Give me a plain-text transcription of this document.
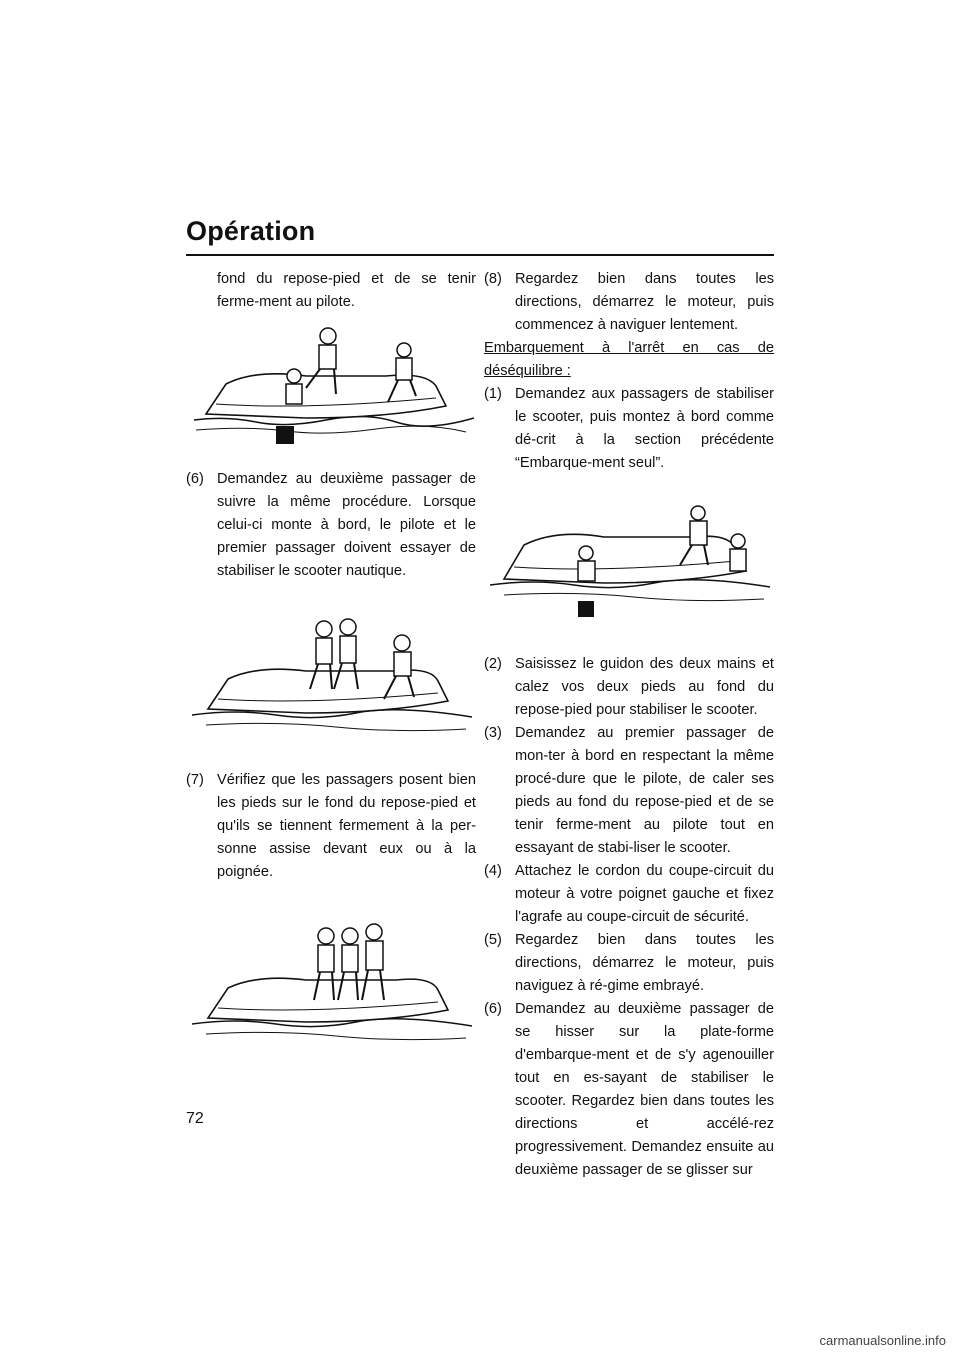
Opération

fond du repose-pied et de se tenir ferme-ment au pilote.

(6) Demandez au deuxième passager de suivre la même procédure. Lorsque celui-ci monte à bord, le pilote et le premier passager doivent essayer de stabiliser le scooter nautique.
(7) Vérifiez que les passagers posent bien les pieds sur le fond du repose-pied et qu'ils se tiennent fermement à la per-sonne assise devant eux ou à la poignée.
(8) Regardez bien dans toutes les directions, démarrez le moteur, puis commencez à naviguer lentement.

Embarquement à l'arrêt en cas de

déséquilibre :

(1) Demandez aux passagers de stabiliser le scooter, puis montez à bord comme dé-crit à la section précédente “Embarque-ment seul”.
(2) Saisissez le guidon des deux mains et calez vos deux pieds au fond du repose-pied pour stabiliser le scooter.
(3) Demandez au premier passager de mon-ter à bord en respectant la même procé-dure que le pilote, de caler ses pieds au fond du repose-pied et de se tenir ferme-ment au pilote tout en essayant de stabi-liser le scooter.
(4) Attachez le cordon du coupe-circuit du moteur à votre poignet gauche et fixez l'agrafe au coupe-circuit de sécurité.
(5) Regardez bien dans toutes les directions, démarrez le moteur, puis naviguez à ré-gime embrayé.
(6) Demandez au deuxième passager de se hisser sur la plate-forme d'embarque-ment et de s'y agenouiller tout en es-sayant de stabiliser le scooter. Regardez bien dans toutes les directions et accélé-rez progressivement. Demandez ensuite au deuxième passager de se glisser sur
72
carmanualsonline.info
